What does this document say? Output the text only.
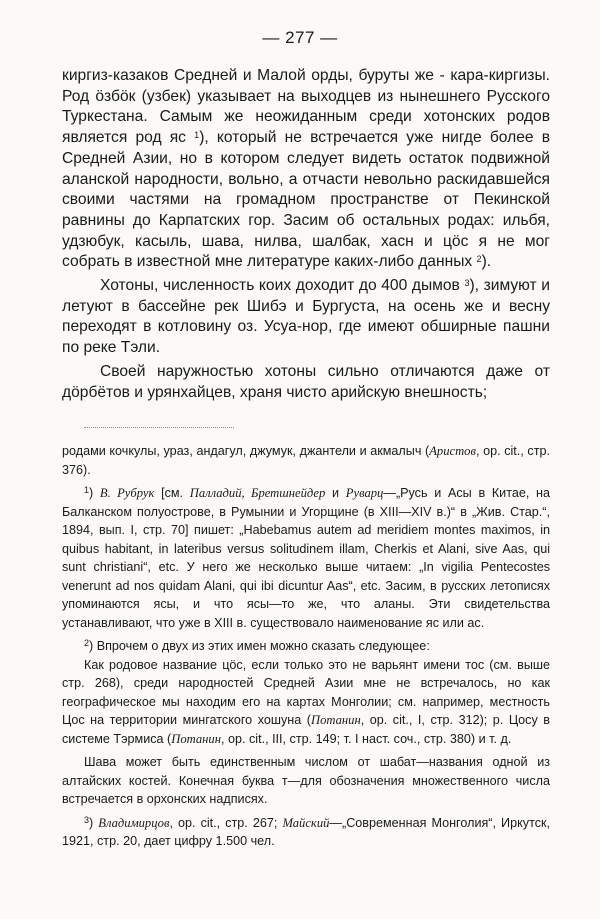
— 277 —

киргиз-казаков Средней и Малой орды, буруты же - кара-киргизы. Род öзбöк (узбек) указывает на выходцев из нынешнего Русского Туркестана. Самым же неожиданным среди хотонских родов является род яс $^1$), который не встречается уже нигде более в Средней Азии, но в котором следует видеть остаток подвижной аланской народности, вольно, а отчасти невольно раскидавшейся своими частями на громадном пространстве от Пекинской равнины до Карпатских гор. Засим об остальных родах: ильбя, удзюбук, касыль, шава, нилва, шалбак, хасн и цöс я не мог собрать в известной мне литературе каких-либо данных $^2$).

Хотоны, численность коих доходит до 400 дымов $^3$), зимуют и летуют в бассейне рек Шибэ и Бургуста, на осень же и весну переходят в котловину оз. Усуа-нор, где имеют обширные пашни по реке Тэли.

Своей наружностью хотоны сильно отличаются даже от дöрбётов и урянхайцев, храня чисто арийскую внешность;

родами кочкулы, ураз, андагул, джумук, джантели и акмалыч (Аристов, op. cit., стр. 376).

$^1$) В. Рубрук [см. Палладий, Бретшнейдер и Руварц—„Русь и Асы в Китае, на Балканском полуострове, в Румынии и Угорщине (в XIII—XIV в.)“ в „Жив. Стар.“, 1894, вып. I, стр. 70] пишет: „Habebamus autem ad meridiem montes maximos, in quibus habitant, in lateribus versus solitudinem illam, Cherkis et Alani, sive Aas, qui sunt christiani“, etc. У него же несколько выше читаем: „In vigilia Pentecostes venerunt ad nos quidam Alani, qui ibi dicuntur Aas“, etc. Засим, в русских летописях упоминаются ясы, и что ясы—то же, что аланы. Эти свидетельства устанавливают, что уже в XIII в. существовало наименование яс или ас.

$^2$) Впрочем о двух из этих имен можно сказать следующее:

Как родовое название цöс, если только это не варьянт имени тос (см. выше стр. 268), среди народностей Средней Азии мне не встречалось, но как географическое мы находим его на картах Монголии; см. например, местность Цос на территории мингатского хошуна (Потанин, op. cit., I, стр. 312); р. Цосу в системе Тэрмиса (Потанин, op. cit., III, стр. 149; т. I наст. соч., стр. 380) и т. д.

Шава может быть единственным числом от шабат—названия одной из алтайских костей. Конечная буква т—для обозначения множественного числа встречается в орхонских надписях.

$^3$) Владимирцов, op. cit., стр. 267; Майский—„Современная Монголия“, Иркутск, 1921, стр. 20, дает цифру 1.500 чел.
